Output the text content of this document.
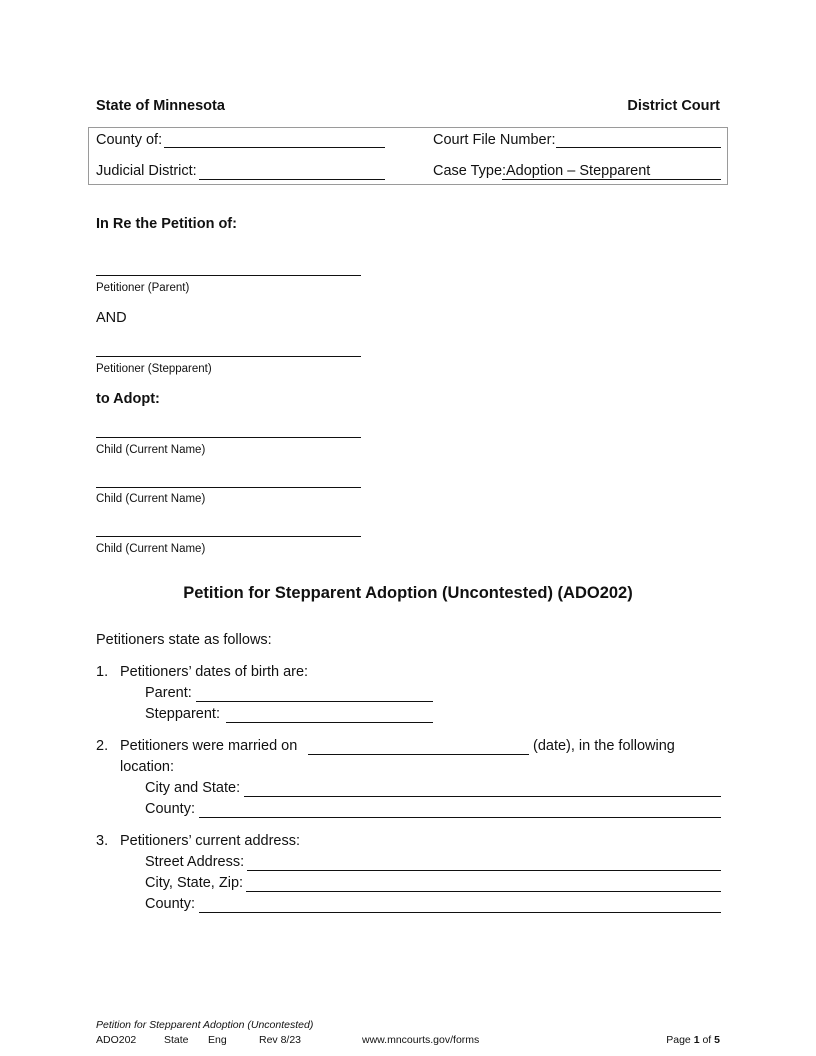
State of Minnesota	District Court
County of:	Court File Number:
Judicial District:	Case Type: Adoption – Stepparent
In Re the Petition of:
Petitioner (Parent)
AND
Petitioner (Stepparent)
to Adopt:
Child (Current Name)
Child (Current Name)
Child (Current Name)
Petition for Stepparent Adoption (Uncontested) (ADO202)
Petitioners state as follows:
1. Petitioners’ dates of birth are:
Parent:
Stepparent:
2. Petitioners were married on	(date), in the following
location:
City and State:
County:
3. Petitioners’ current address:
Street Address:
City, State, Zip:
County:
Petition for Stepparent Adoption (Uncontested)
ADO202	State Eng	Rev 8/23	www.mncourts.gov/forms	Page 1 of 5
